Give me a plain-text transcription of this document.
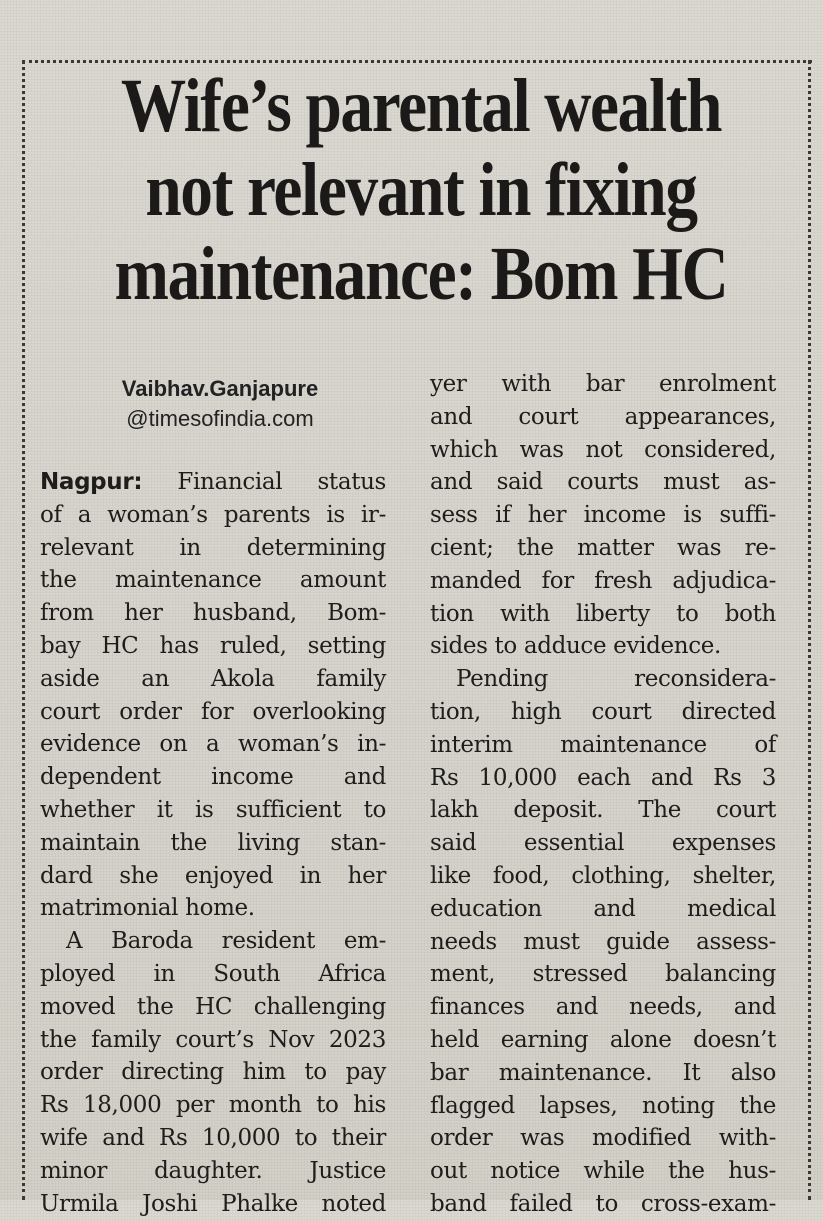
Wife’s parental wealth
not relevant in fixing
maintenance: Bom HC
Vaibhav.Ganjapure
@timesofindia.com

Nagpur: Financial status
of a woman’s parents is ir-
relevant in determining
the maintenance amount
from her husband, Bom-
bay HC has ruled, setting
aside an Akola family
court order for overlooking
evidence on a woman’s in-
dependent income and
whether it is sufficient to
maintain the living stan-
dard she enjoyed in her
matrimonial home.

A Baroda resident em-
ployed in South Africa
moved the HC challenging
the family court’s Nov 2023
order directing him to pay
Rs 18,000 per month to his
wife and Rs 10,000 to their
minor daughter. Justice
Urmila Joshi Phalke noted

yer with bar enrolment
and court appearances,
which was not considered,
and said courts must as-
sess if her income is suffi-
cient; the matter was re-
manded for fresh adjudica-
tion with liberty to both
sides to adduce evidence.

Pending reconsidera-
tion, high court directed
interim maintenance of
Rs 10,000 each and Rs 3
lakh deposit. The court
said essential expenses
like food, clothing, shelter,
education and medical
needs must guide assess-
ment, stressed balancing
finances and needs, and
held earning alone doesn’t
bar maintenance. It also
flagged lapses, noting the
order was modified with-
out notice while the hus-
band failed to cross-exam-
